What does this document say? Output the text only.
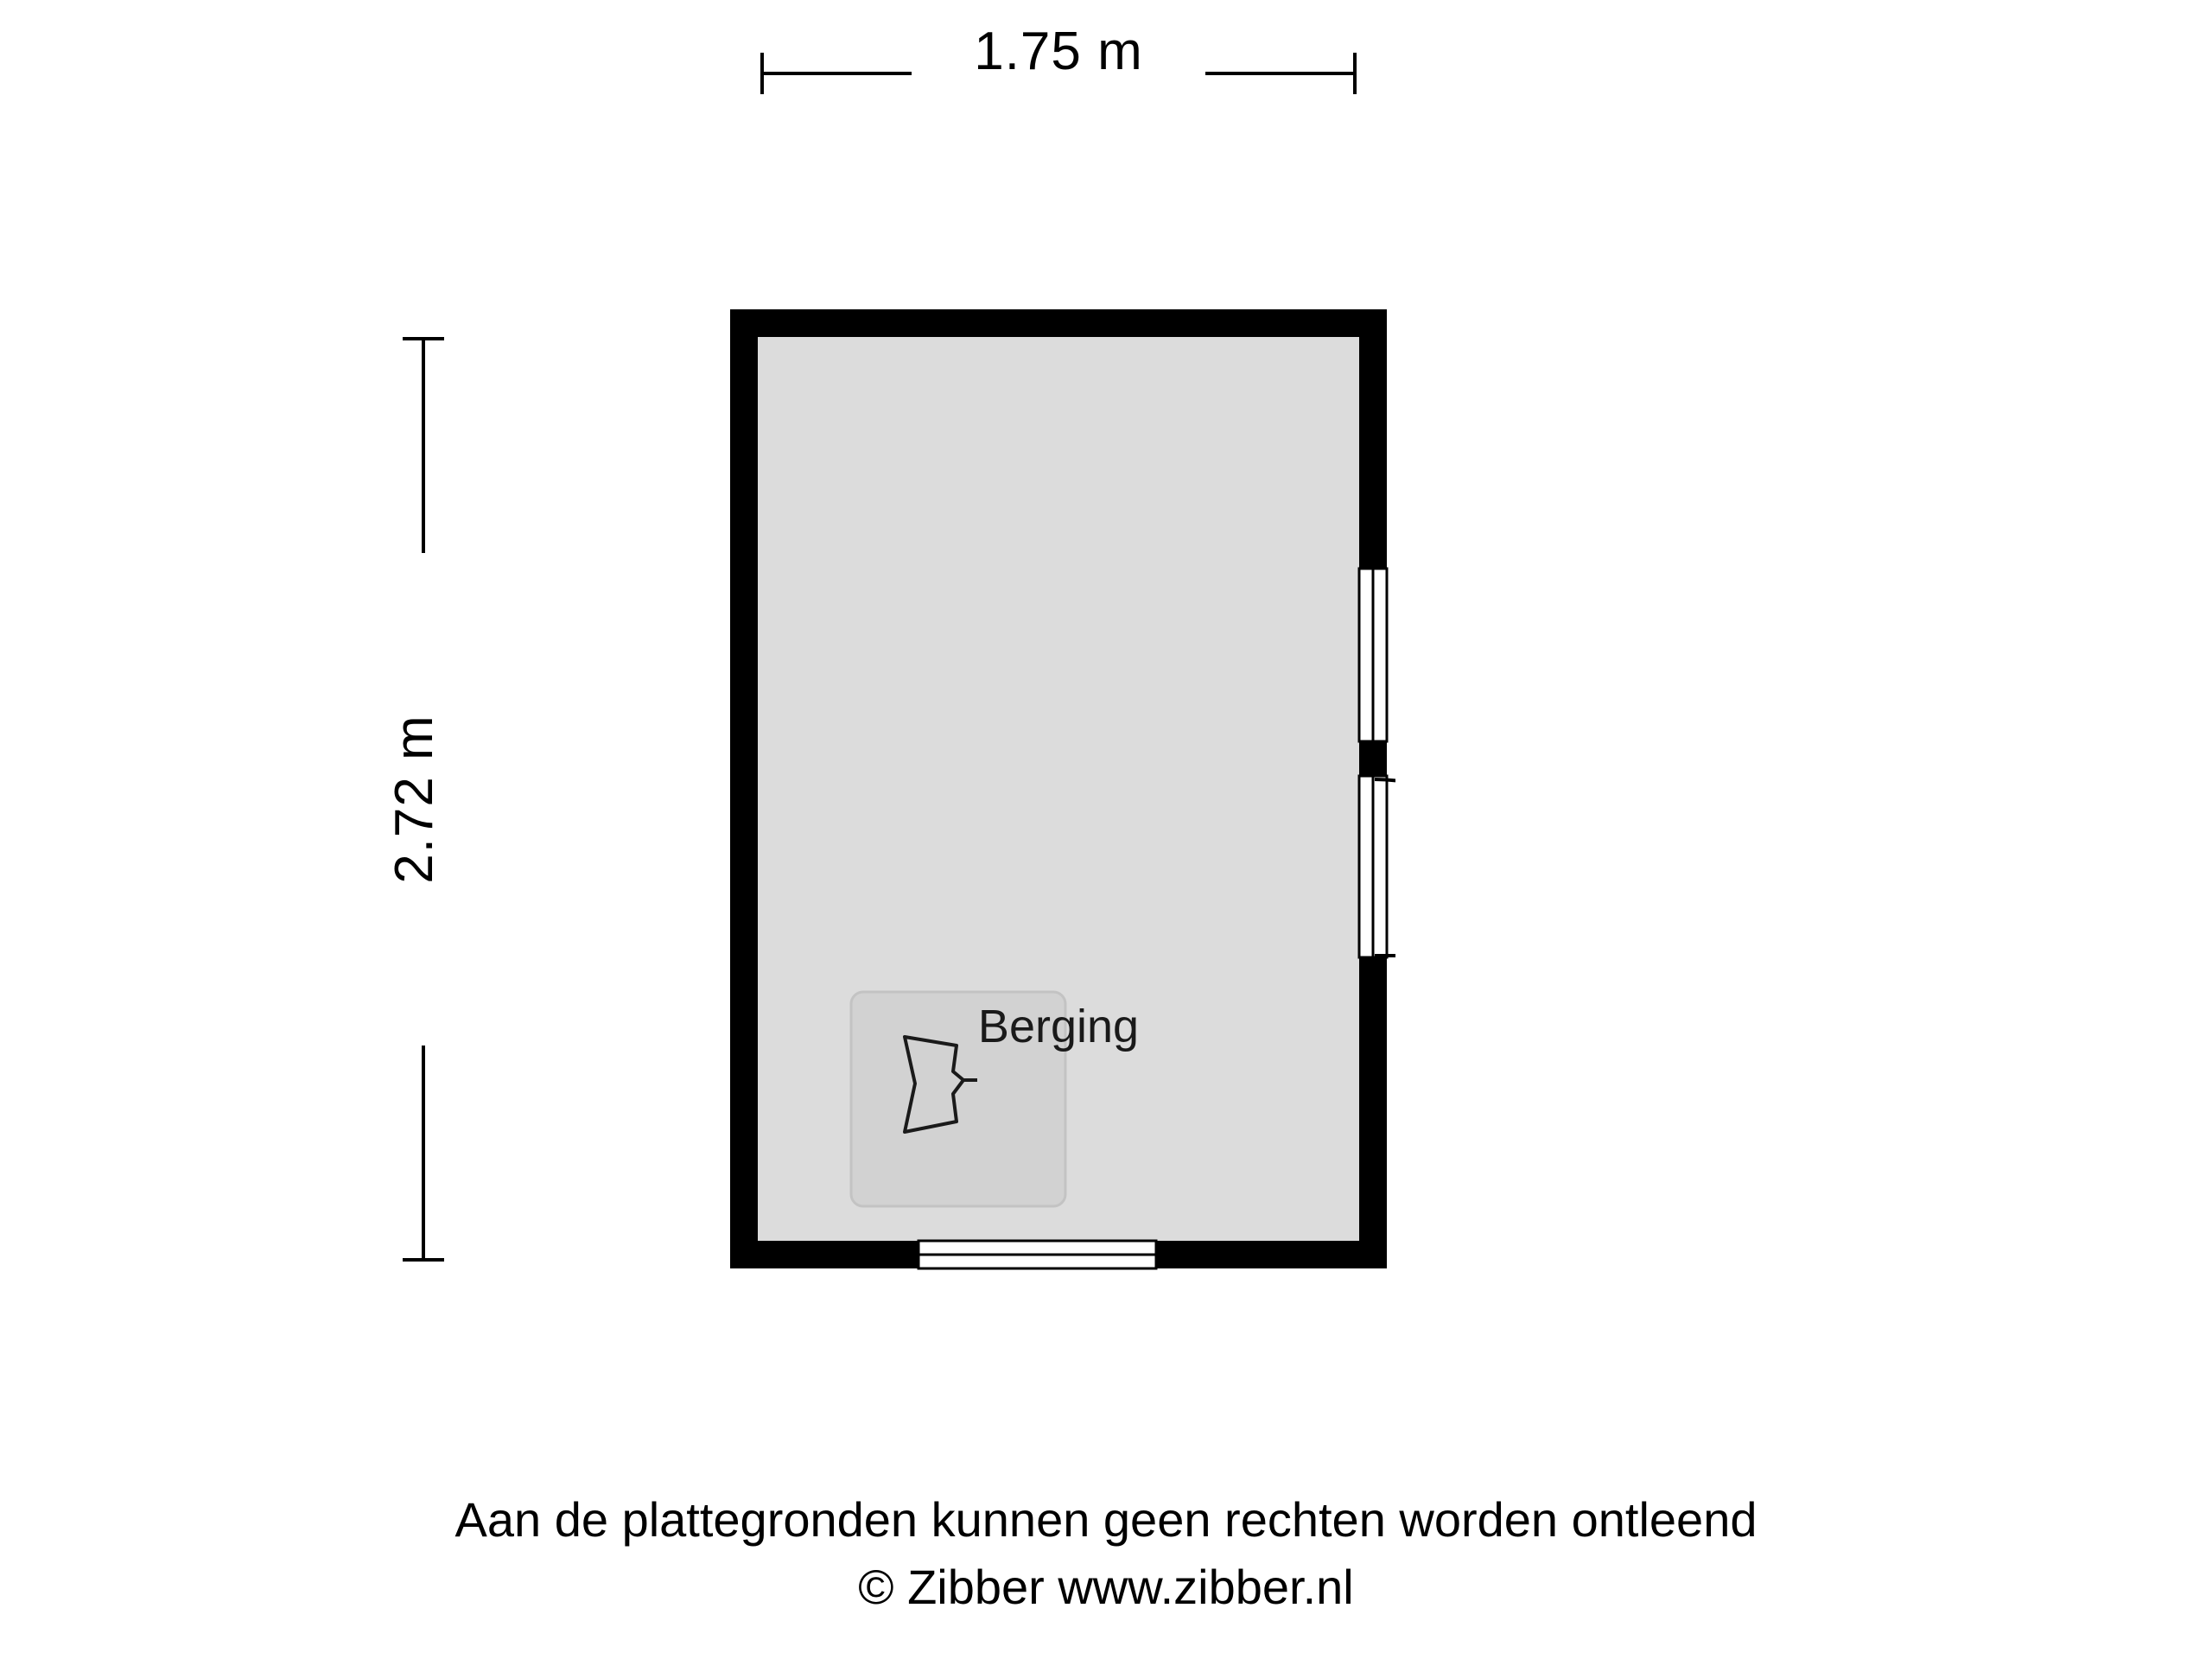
1.75 m
2.72 m
Berging
Aan de plattegronden kunnen geen rechten worden ontleend
© Zibber www.zibber.nl
